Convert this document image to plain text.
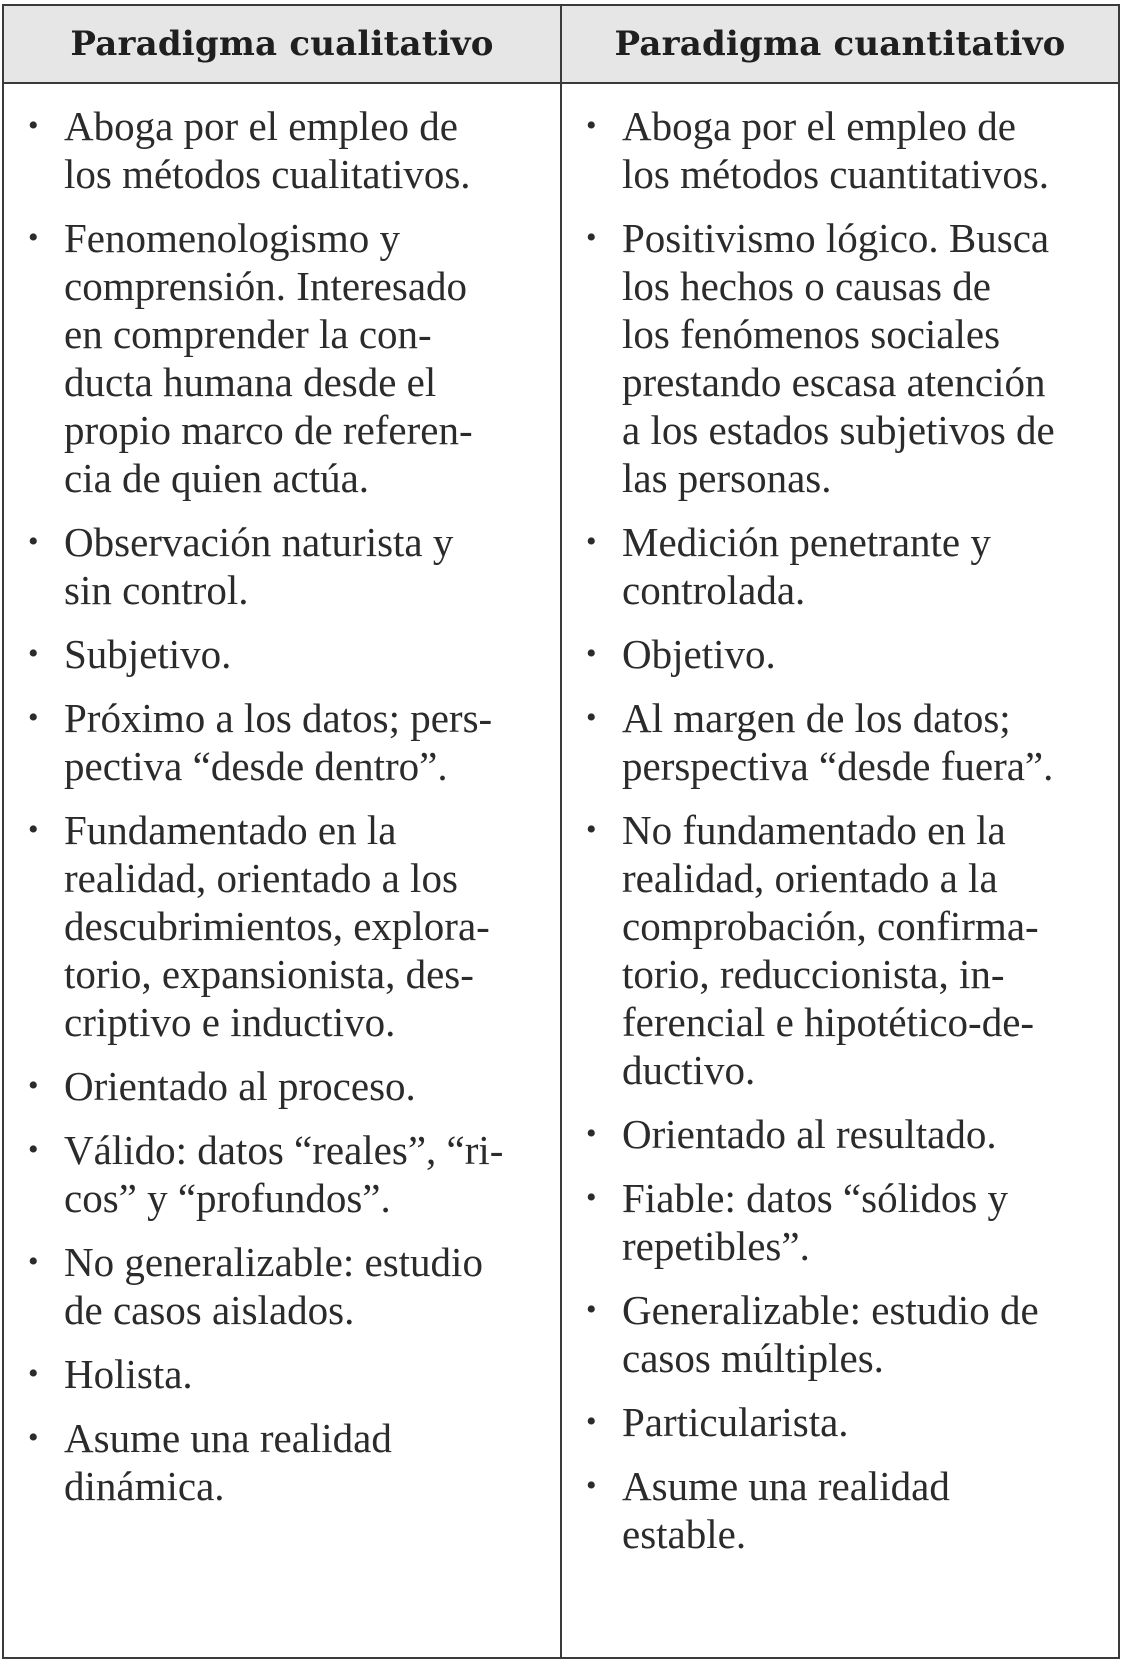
Paradigma cualitativo	Paradigma cuantitativo
• Aboga por el empleo de
los métodos cualitativos.
• Fenomenologismo y
comprensión. Interesado
en comprender la con-
ducta humana desde el
propio marco de referen-
cia de quien actúa.
• Observación naturista y
sin control.
• Subjetivo.
• Próximo a los datos; pers-
pectiva “desde dentro”.
• Fundamentado en la
realidad, orientado a los
descubrimientos, explora-
torio, expansionista, des-
criptivo e inductivo.
• Orientado al proceso.
• Válido: datos “reales”, “ri-
cos” y “profundos”.
• No generalizable: estudio
de casos aislados.
• Holista.
• Asume una realidad
dinámica.
• Aboga por el empleo de
los métodos cuantitativos.
• Positivismo lógico. Busca
los hechos o causas de
los fenómenos sociales
prestando escasa atención
a los estados subjetivos de
las personas.
• Medición penetrante y
controlada.
• Objetivo.
• Al margen de los datos;
perspectiva “desde fuera”.
• No fundamentado en la
realidad, orientado a la
comprobación, confirma-
torio, reduccionista, in-
ferencial e hipotético-de-
ductivo.
• Orientado al resultado.
• Fiable: datos “sólidos y
repetibles”.
• Generalizable: estudio de
casos múltiples.
• Particularista.
• Asume una realidad
estable.
